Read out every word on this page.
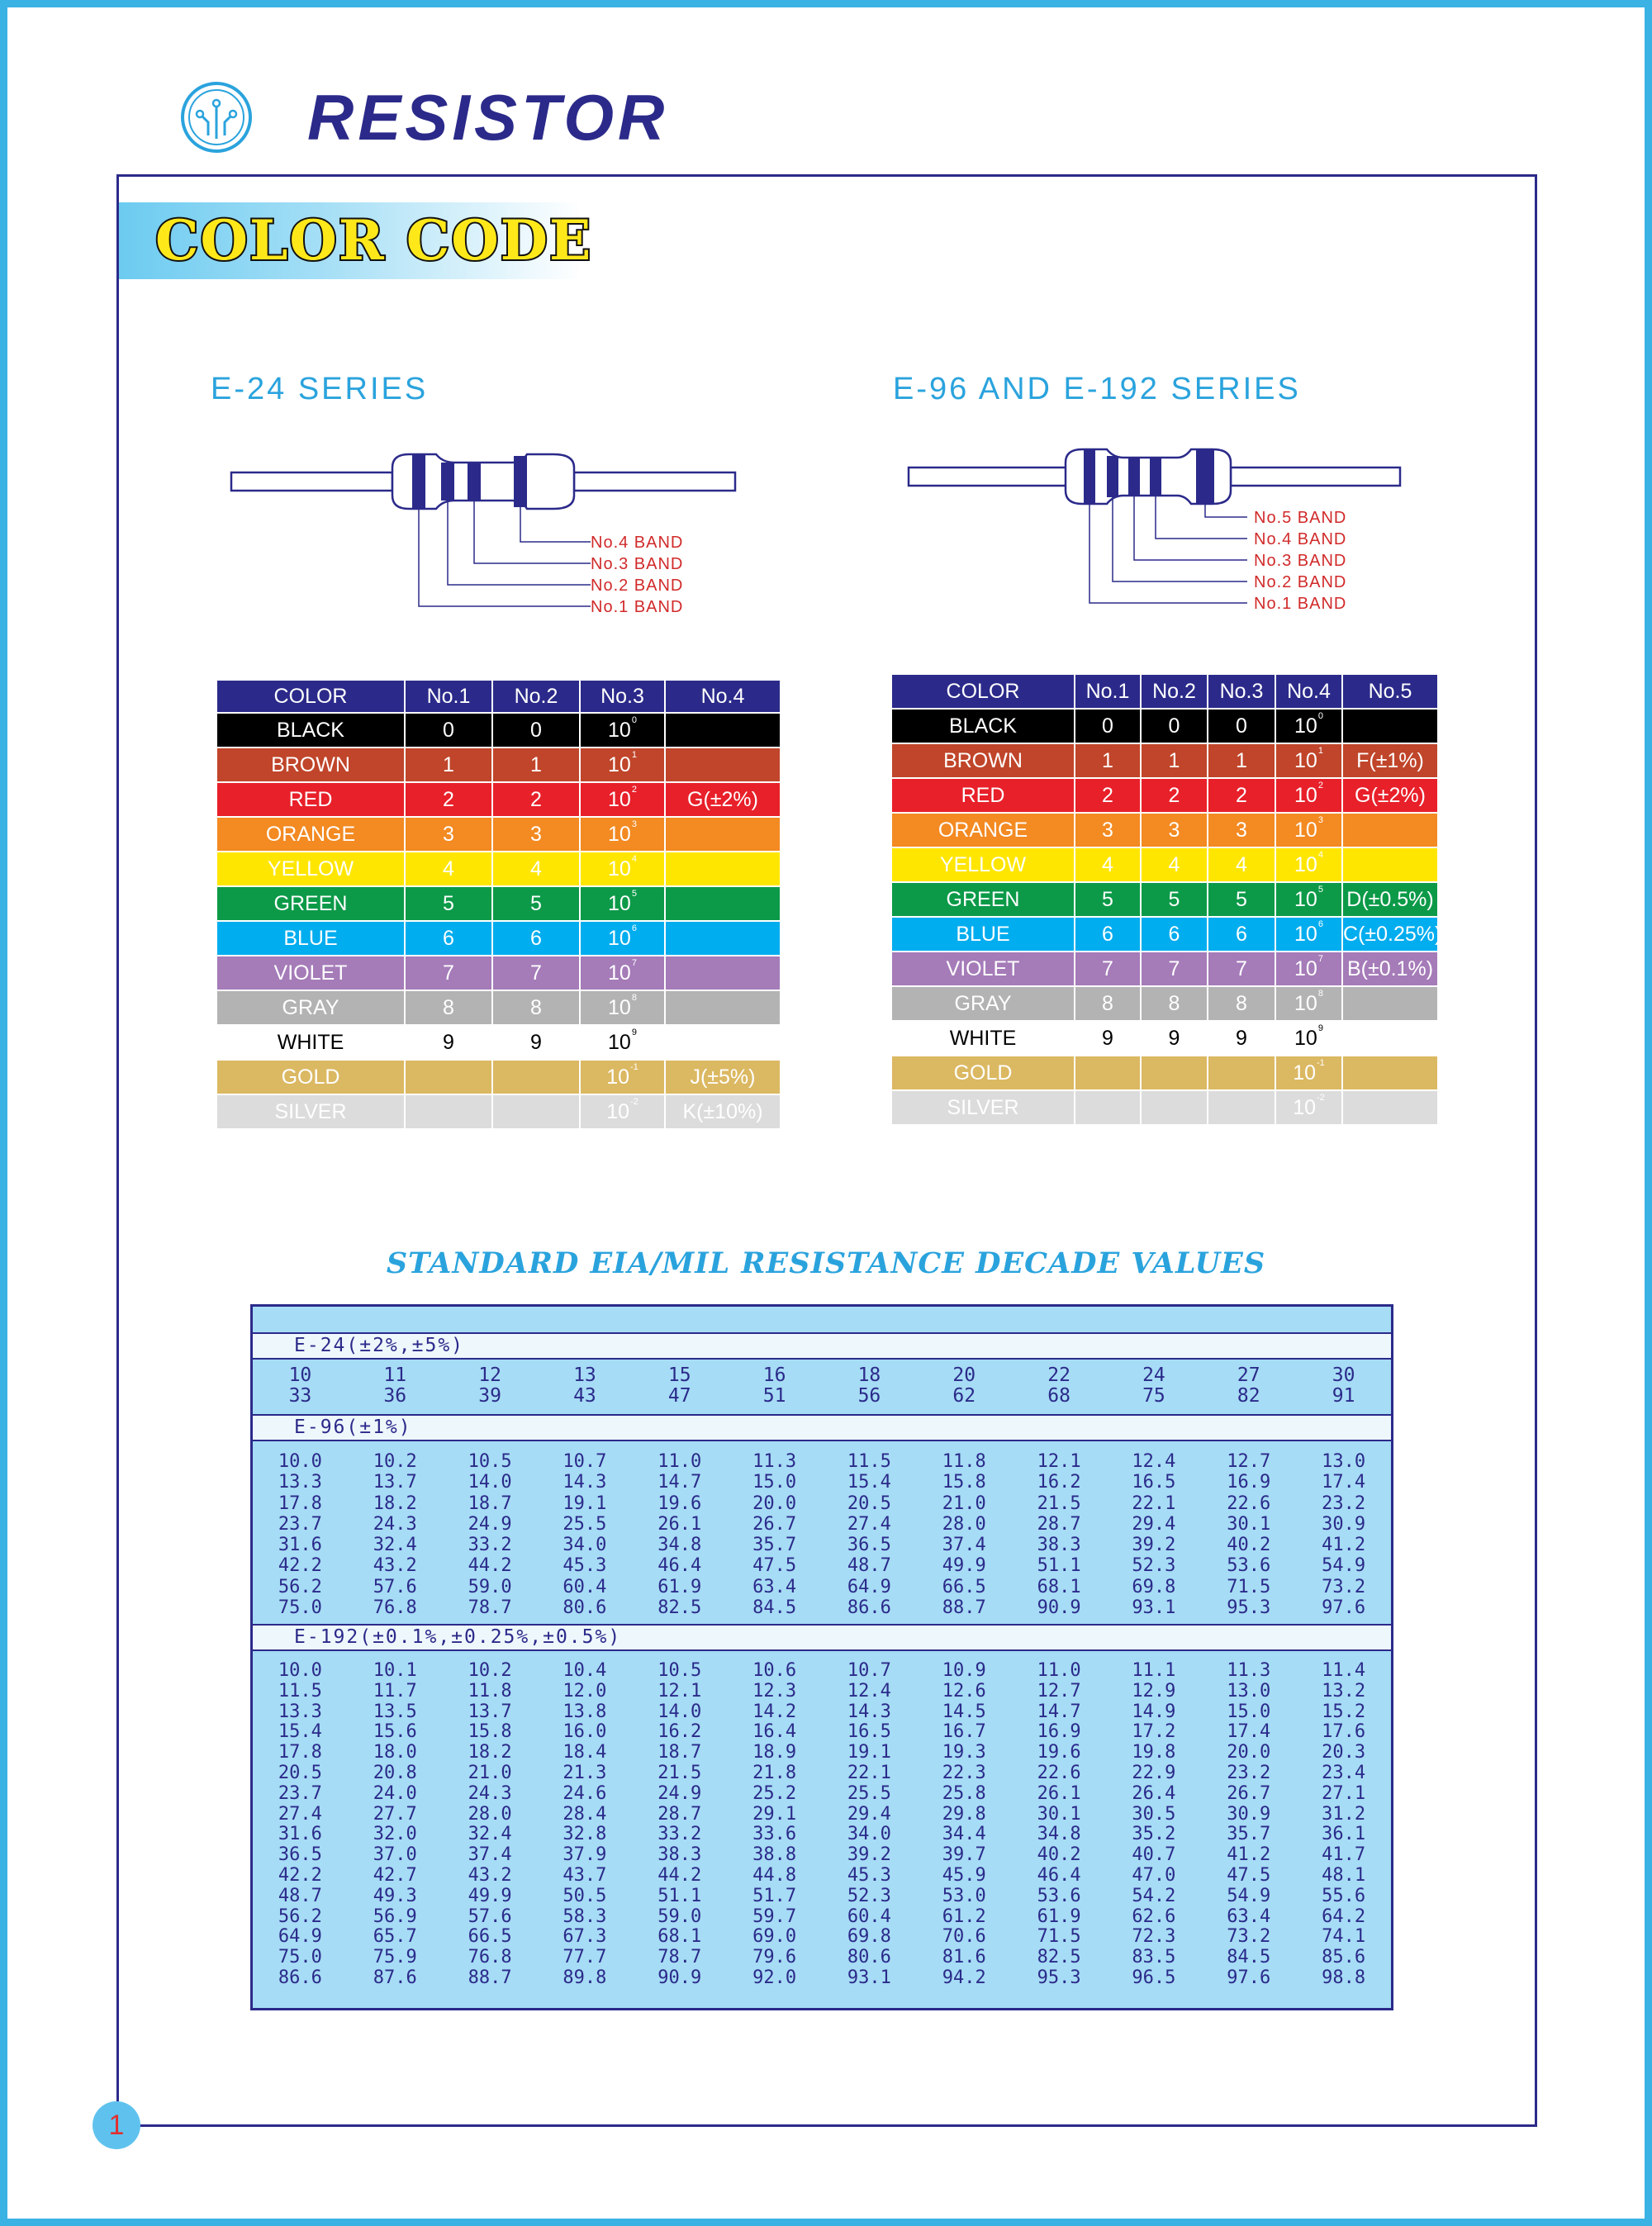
RESISTOR
COLOR CODE
E-24 SERIES
No.4 BAND
No.3 BAND
No.2 BAND
No.1 BAND
COLOR	No.1	No.2	No.3	No.4
BLACK	0	0	$10^0$	
BROWN	1	1	$10^1$	
RED	2	2	$10^2$	G(±2%)
ORANGE	3	3	$10^3$	
YELLOW	4	4	$10^4$	
GREEN	5	5	$10^5$	
BLUE	6	6	$10^6$	
VIOLET	7	7	$10^7$	
GRAY	8	8	$10^8$	
WHITE	9	9	$10^9$	
GOLD			$10^{-1}$	J(±5%)
SILVER			$10^{-2}$	K(±10%)
E-96 AND E-192 SERIES
No.5 BAND
No.4 BAND
No.3 BAND
No.2 BAND
No.1 BAND
COLOR	No.1	No.2	No.3	No.4	No.5
BLACK	0	0	0	$10^0$	
BROWN	1	1	1	$10^1$	F(±1%)
RED	2	2	2	$10^2$	G(±2%)
ORANGE	3	3	3	$10^3$	
YELLOW	4	4	4	$10^4$	
GREEN	5	5	5	$10^5$	D(±0.5%)
BLUE	6	6	6	$10^6$	C(±0.25%)
VIOLET	7	7	7	$10^7$	B(±0.1%)
GRAY	8	8	8	$10^8$	
WHITE	9	9	9	$10^9$	
GOLD				$10^{-1}$	
SILVER				$10^{-2}$	
STANDARD EIA/MIL RESISTANCE DECADE VALUES
E-24(±2%,±5%)
10	11	12	13	15	16	18	20	22	24	27	30
33	36	39	43	47	51	56	62	68	75	82	91
E-96(±1%)
10.0	10.2	10.5	10.7	11.0	11.3	11.5	11.8	12.1	12.4	12.7	13.0
13.3	13.7	14.0	14.3	14.7	15.0	15.4	15.8	16.2	16.5	16.9	17.4
17.8	18.2	18.7	19.1	19.6	20.0	20.5	21.0	21.5	22.1	22.6	23.2
23.7	24.3	24.9	25.5	26.1	26.7	27.4	28.0	28.7	29.4	30.1	30.9
31.6	32.4	33.2	34.0	34.8	35.7	36.5	37.4	38.3	39.2	40.2	41.2
42.2	43.2	44.2	45.3	46.4	47.5	48.7	49.9	51.1	52.3	53.6	54.9
56.2	57.6	59.0	60.4	61.9	63.4	64.9	66.5	68.1	69.8	71.5	73.2
75.0	76.8	78.7	80.6	82.5	84.5	86.6	88.7	90.9	93.1	95.3	97.6
E-192(±0.1%,±0.25%,±0.5%)
10.0	10.1	10.2	10.4	10.5	10.6	10.7	10.9	11.0	11.1	11.3	11.4
11.5	11.7	11.8	12.0	12.1	12.3	12.4	12.6	12.7	12.9	13.0	13.2
13.3	13.5	13.7	13.8	14.0	14.2	14.3	14.5	14.7	14.9	15.0	15.2
15.4	15.6	15.8	16.0	16.2	16.4	16.5	16.7	16.9	17.2	17.4	17.6
17.8	18.0	18.2	18.4	18.7	18.9	19.1	19.3	19.6	19.8	20.0	20.3
20.5	20.8	21.0	21.3	21.5	21.8	22.1	22.3	22.6	22.9	23.2	23.4
23.7	24.0	24.3	24.6	24.9	25.2	25.5	25.8	26.1	26.4	26.7	27.1
27.4	27.7	28.0	28.4	28.7	29.1	29.4	29.8	30.1	30.5	30.9	31.2
31.6	32.0	32.4	32.8	33.2	33.6	34.0	34.4	34.8	35.2	35.7	36.1
36.5	37.0	37.4	37.9	38.3	38.8	39.2	39.7	40.2	40.7	41.2	41.7
42.2	42.7	43.2	43.7	44.2	44.8	45.3	45.9	46.4	47.0	47.5	48.1
48.7	49.3	49.9	50.5	51.1	51.7	52.3	53.0	53.6	54.2	54.9	55.6
56.2	56.9	57.6	58.3	59.0	59.7	60.4	61.2	61.9	62.6	63.4	64.2
64.9	65.7	66.5	67.3	68.1	69.0	69.8	70.6	71.5	72.3	73.2	74.1
75.0	75.9	76.8	77.7	78.7	79.6	80.6	81.6	82.5	83.5	84.5	85.6
86.6	87.6	88.7	89.8	90.9	92.0	93.1	94.2	95.3	96.5	97.6	98.8
1
